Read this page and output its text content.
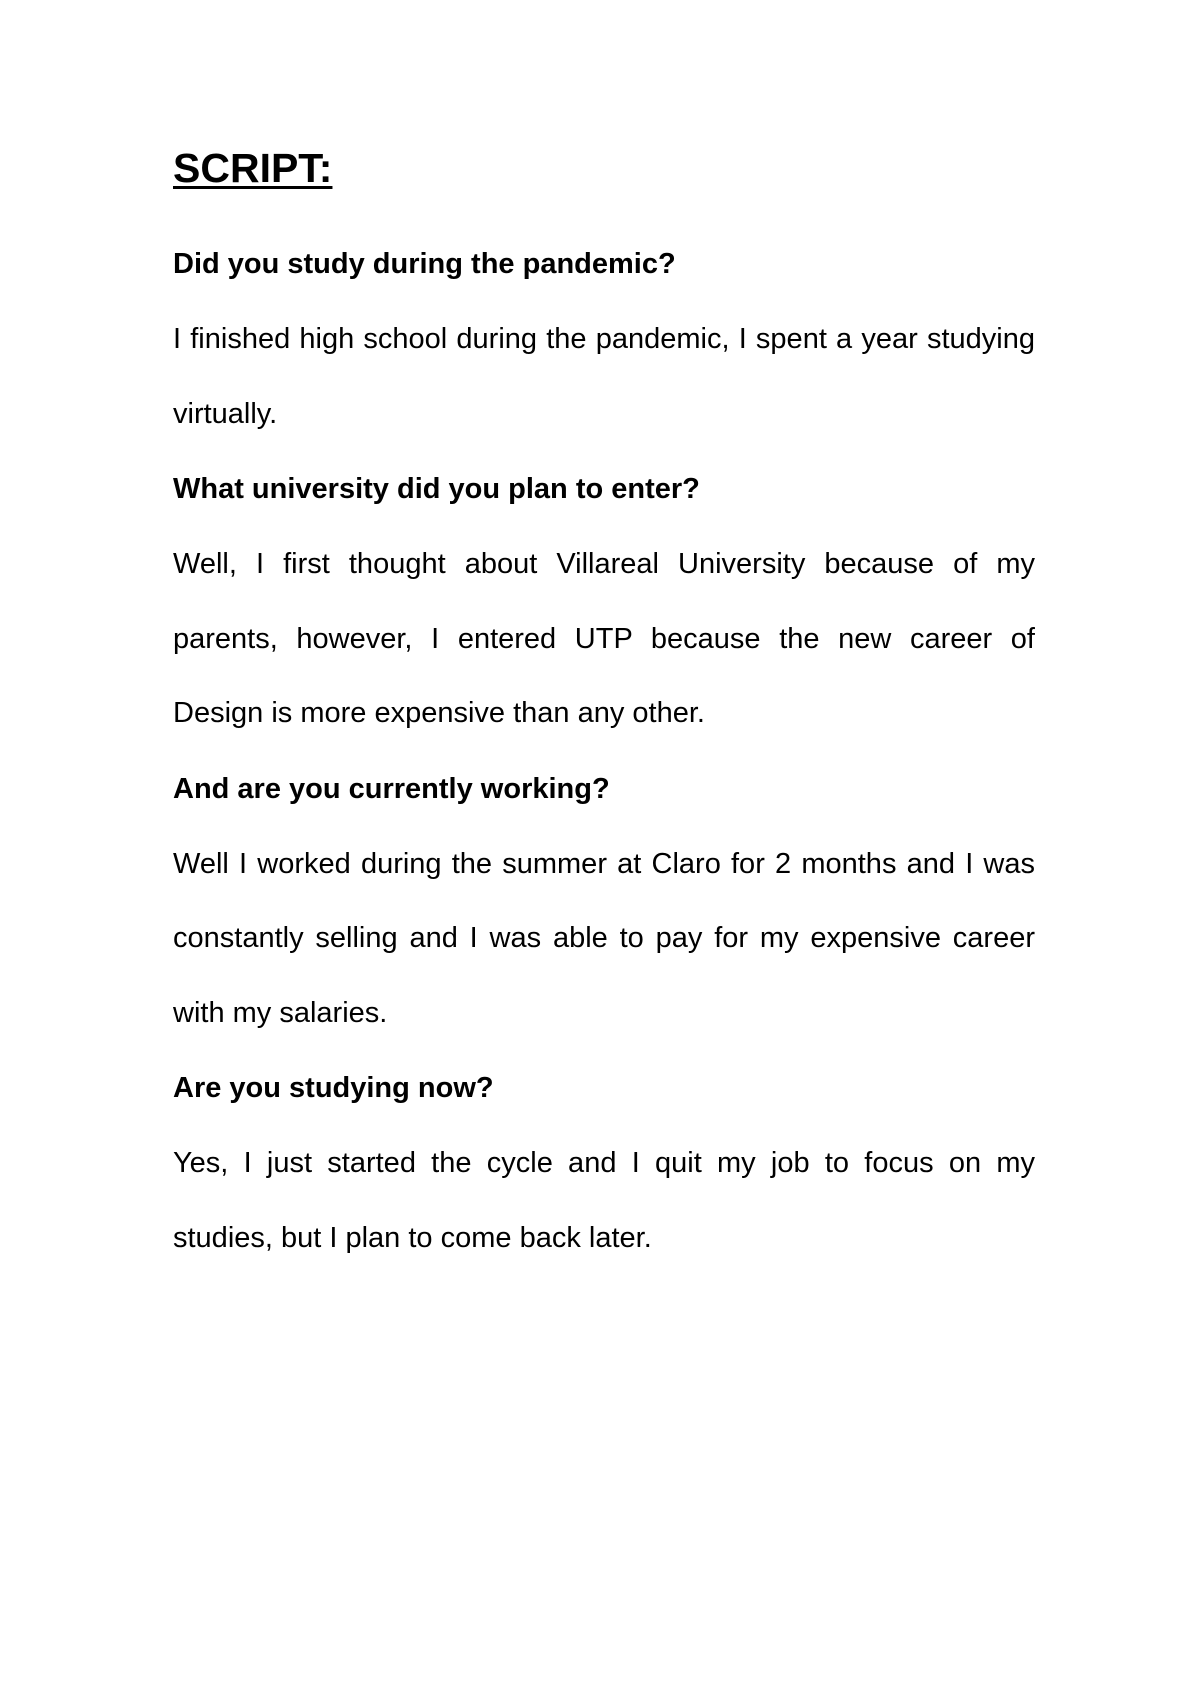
SCRIPT:

Did you study during the pandemic?

I finished high school during the pandemic, I spent a year studying virtually.

What university did you plan to enter?

Well, I first thought about Villareal University because of my parents, however, I entered UTP because the new career of Design is more expensive than any other.

And are you currently working?

Well I worked during the summer at Claro for 2 months and I was constantly selling and I was able to pay for my expensive career with my salaries.

Are you studying now?

Yes, I just started the cycle and I quit my job to focus on my studies, but I plan to come back later.
